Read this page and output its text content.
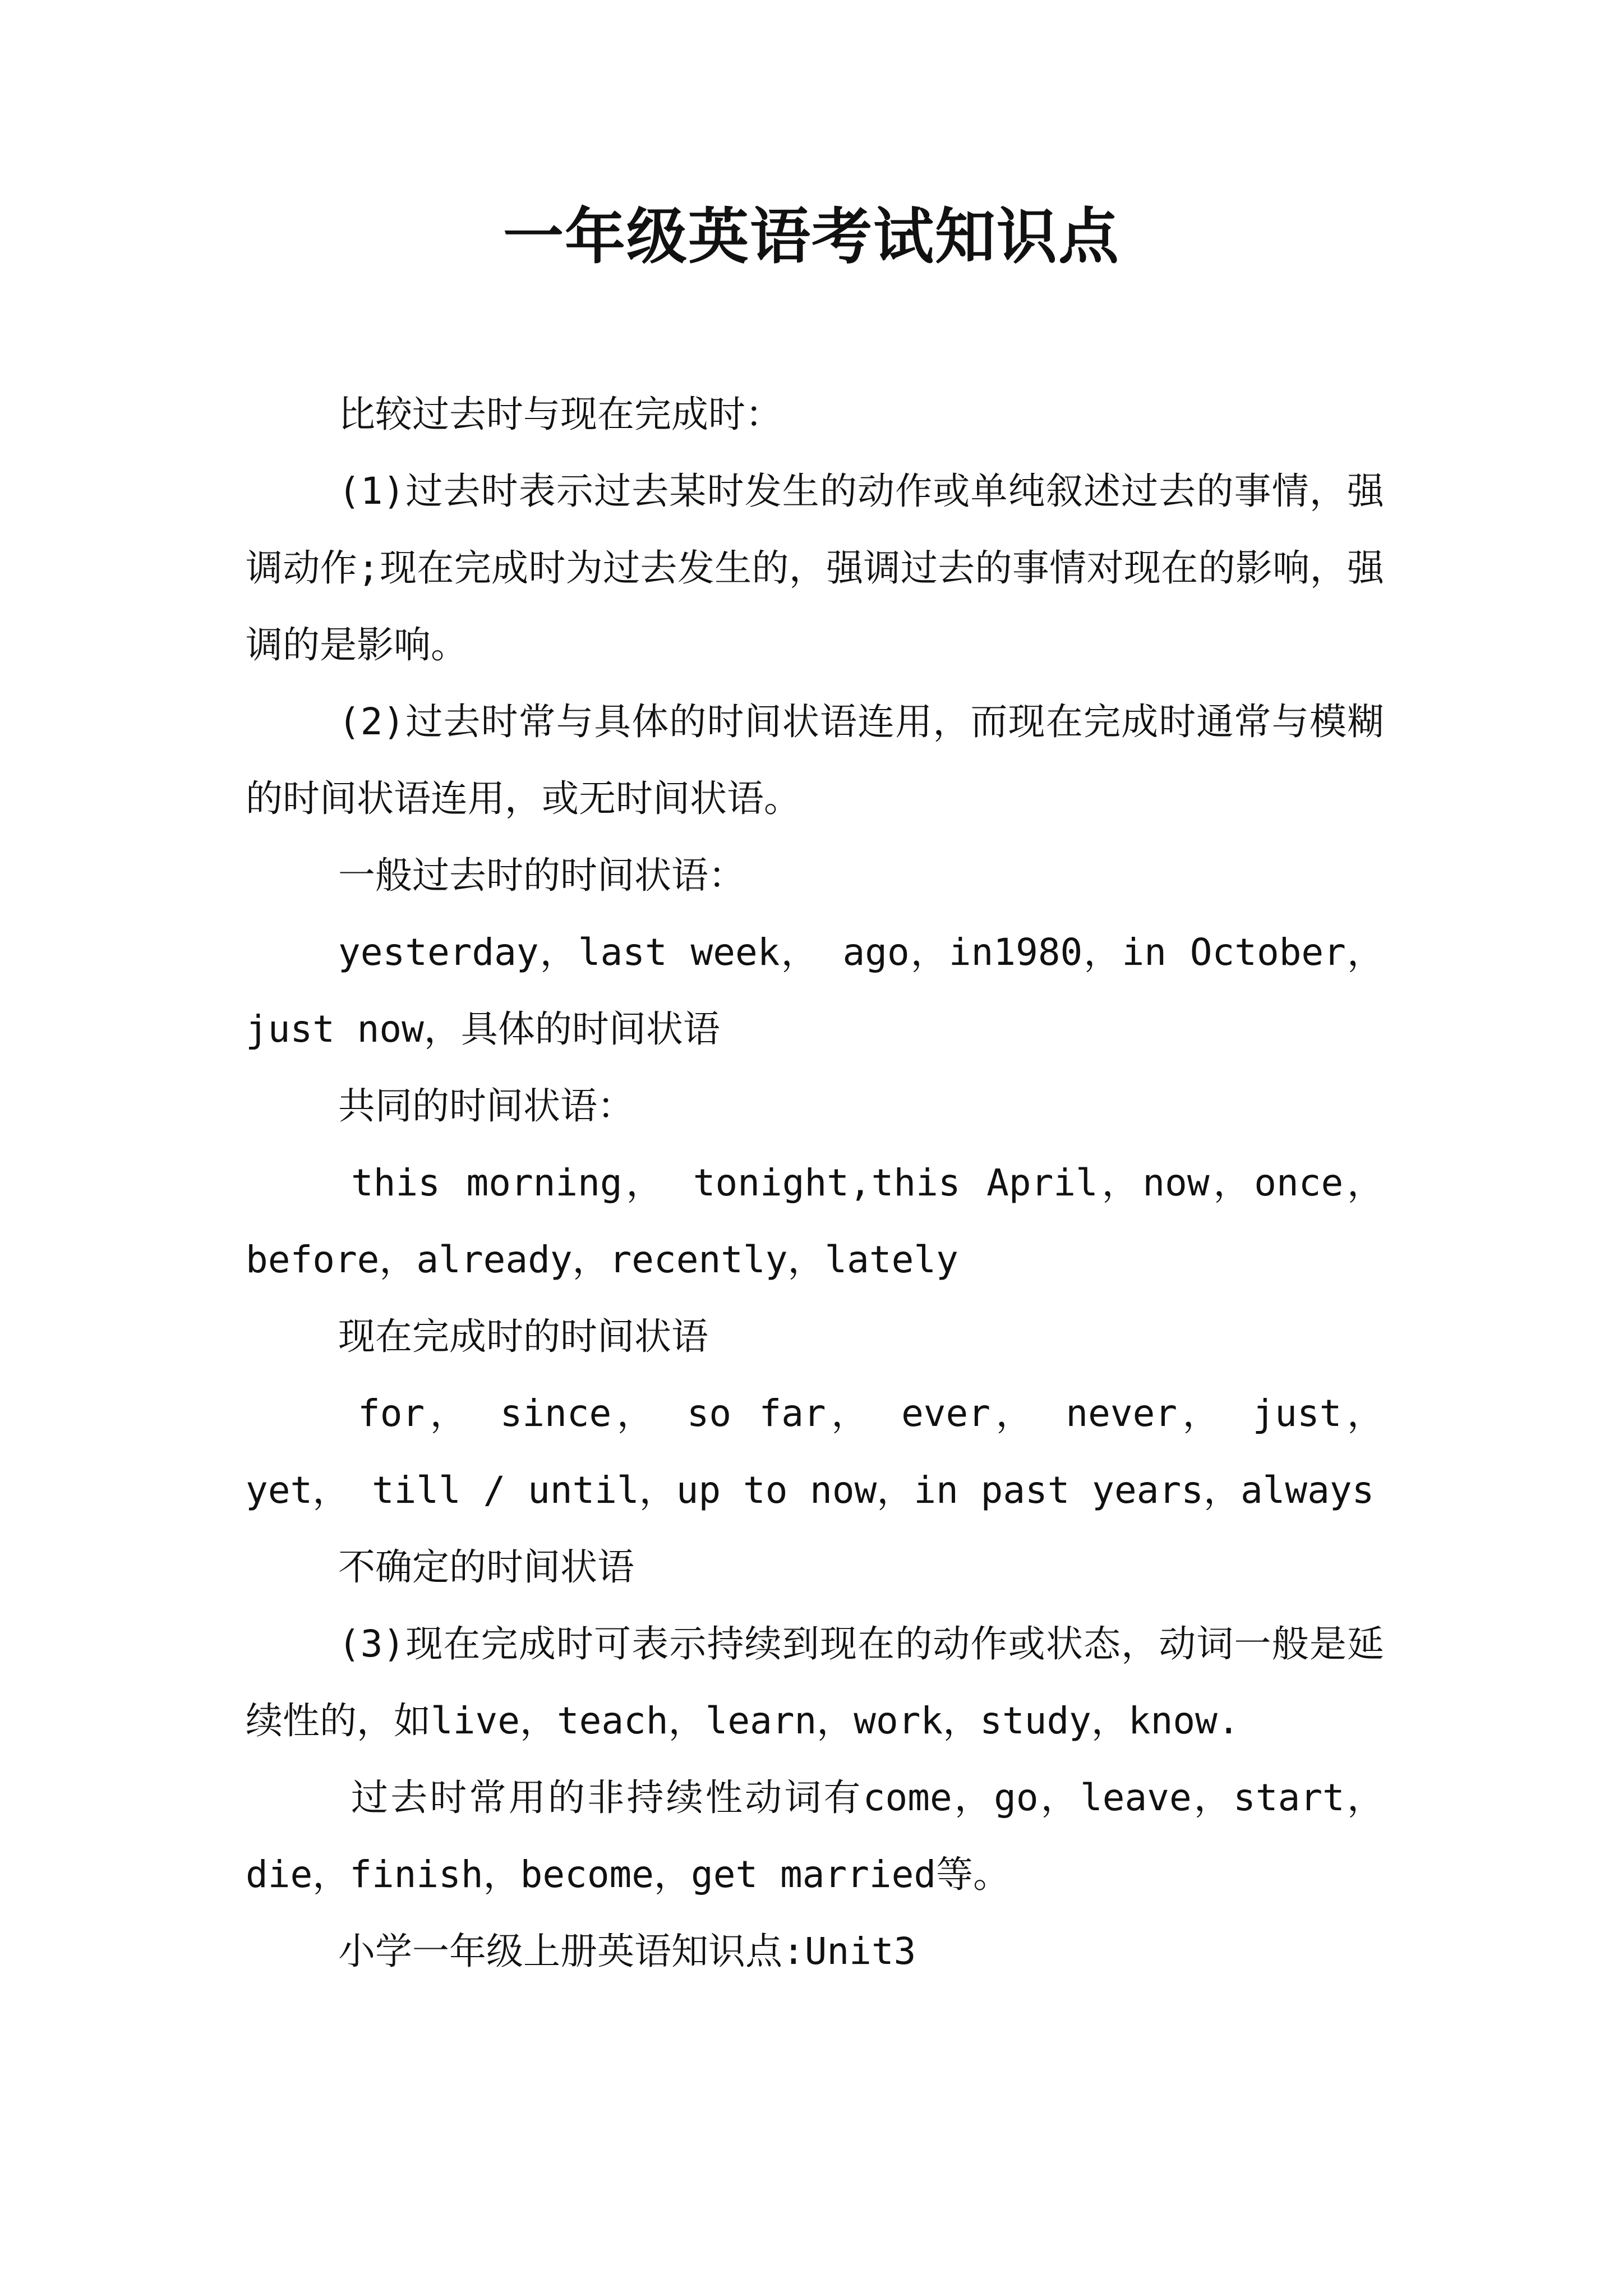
一年级英语考试知识点

比较过去时与现在完成时：

(1)过去时表示过去某时发生的动作或单纯叙述过去的事情，强调动作;现在完成时为过去发生的，强调过去的事情对现在的影响，强调的是影响。

(2)过去时常与具体的时间状语连用，而现在完成时通常与模糊的时间状语连用，或无时间状语。

一般过去时的时间状语：

yesterday，last week， ago，in1980，in October，just now，具体的时间状语

共同的时间状语：

this morning， tonight,this April，now，once，before，already，recently，lately

现在完成时的时间状语

for， since， so far， ever， never， just， yet， till / until，up to now，in past years，always

不确定的时间状语

(3)现在完成时可表示持续到现在的动作或状态，动词一般是延续性的，如live，teach，learn，work，study，know.

过去时常用的非持续性动词有come，go，leave，start，die，finish，become，get married等。

小学一年级上册英语知识点:Unit3
